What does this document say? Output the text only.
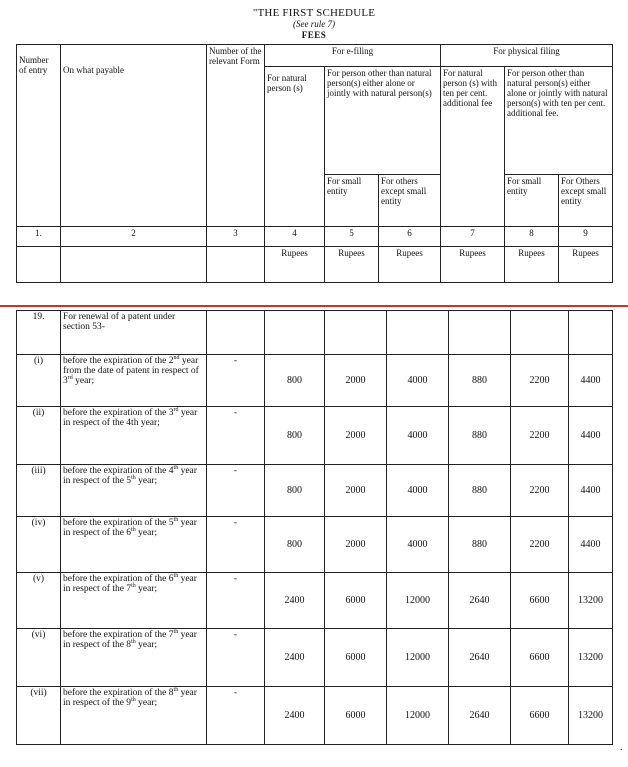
"THE FIRST SCHEDULE
(See rule 7)
FEES
Number of entry	On what payable	Number of the relevant Form	For e-filing			For physical filing		
			For natural person (s)	For person other than natural person(s) either alone or jointly with natural person(s)		For natural person (s) with ten per cent. additional fee	For person other than natural person(s) either alone or jointly with natural person(s) with ten per cent. additional fee.	
				For small entity	For others except small entity		For small entity	For Others except small entity
1.	2	3	4	5	6	7	8	9
			Rupees	Rupees	Rupees	Rupees	Rupees	Rupees
19.	For renewal of a patent under section 53-							
(i)	before the expiration of the 2nd year from the date of patent in respect of 3rd year;	-	800	2000	4000	880	2200	4400
(ii)	before the expiration of the 3rd year in respect of the 4th year;	-	800	2000	4000	880	2200	4400
(iii)	before the expiration of the 4th year in respect of the 5th year;	-	800	2000	4000	880	2200	4400
(iv)	before the expiration of the 5th year in respect of the 6th year;	-	800	2000	4000	880	2200	4400
(v)	before the expiration of the 6th year in respect of the 7th year;	-	2400	6000	12000	2640	6600	13200
(vi)	before the expiration of the 7th year in respect of the 8th year;	-	2400	6000	12000	2640	6600	13200
(vii)	before the expiration of the 8th year in respect of the 9th year;	-	2400	6000	12000	2640	6600	13200
.
